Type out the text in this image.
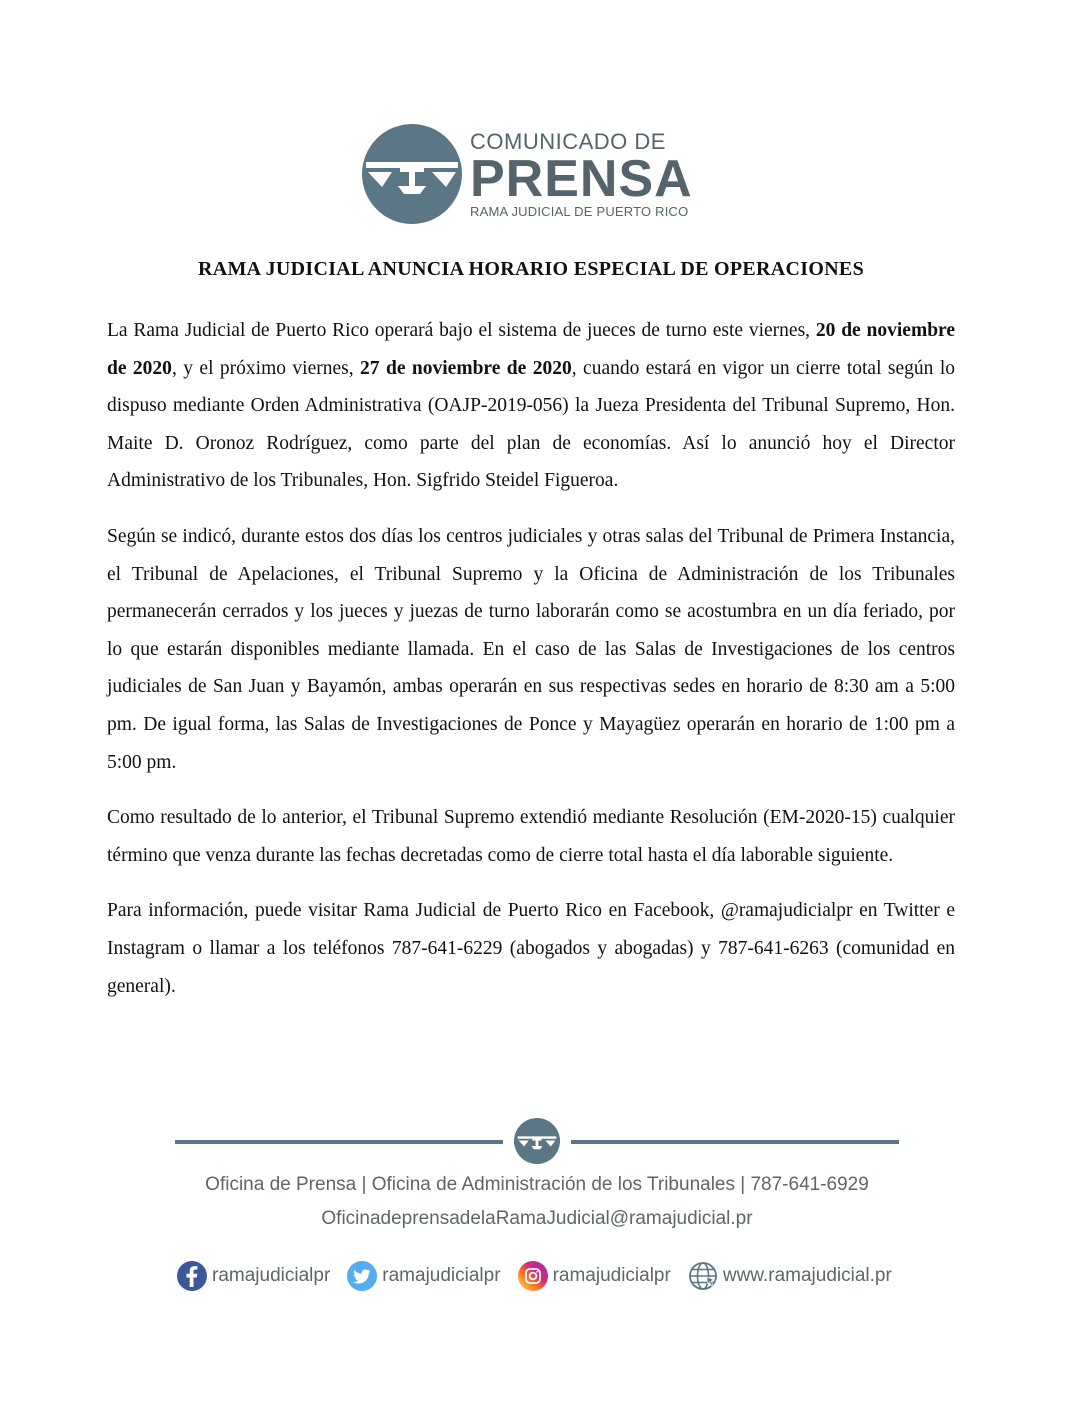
COMUNICADO DE
PRENSA
RAMA JUDICIAL DE PUERTO RICO
RAMA JUDICIAL ANUNCIA HORARIO ESPECIAL DE OPERACIONES

La Rama Judicial de Puerto Rico operará bajo el sistema de jueces de turno este viernes, 20 de noviembre de 2020, y el próximo viernes, 27 de noviembre de 2020, cuando estará en vigor un cierre total según lo dispuso mediante Orden Administrativa (OAJP-2019-056) la Jueza Presidenta del Tribunal Supremo, Hon. Maite D. Oronoz Rodríguez, como parte del plan de economías. Así lo anunció hoy el Director Administrativo de los Tribunales, Hon. Sigfrido Steidel Figueroa.

Según se indicó, durante estos dos días los centros judiciales y otras salas del Tribunal de Primera Instancia, el Tribunal de Apelaciones, el Tribunal Supremo y la Oficina de Administración de los Tribunales permanecerán cerrados y los jueces y juezas de turno laborarán como se acostumbra en un día feriado, por lo que estarán disponibles mediante llamada. En el caso de las Salas de Investigaciones de los centros judiciales de San Juan y Bayamón, ambas operarán en sus respectivas sedes en horario de 8:30 am a 5:00 pm. De igual forma, las Salas de Investigaciones de Ponce y Mayagüez operarán en horario de 1:00 pm a 5:00 pm.

Como resultado de lo anterior, el Tribunal Supremo extendió mediante Resolución (EM-2020-15) cualquier término que venza durante las fechas decretadas como de cierre total hasta el día laborable siguiente.

Para información, puede visitar Rama Judicial de Puerto Rico en Facebook, @ramajudicialpr en Twitter e Instagram o llamar a los teléfonos 787-641-6229 (abogados y abogadas) y 787-641-6263 (comunidad en general).

Oficina de Prensa | Oficina de Administración de los Tribunales | 787-641-6929
OficinadeprensadelaRamaJudicial@ramajudicial.pr
ramajudicialpr	ramajudicialpr	ramajudicialpr	www.ramajudicial.pr
